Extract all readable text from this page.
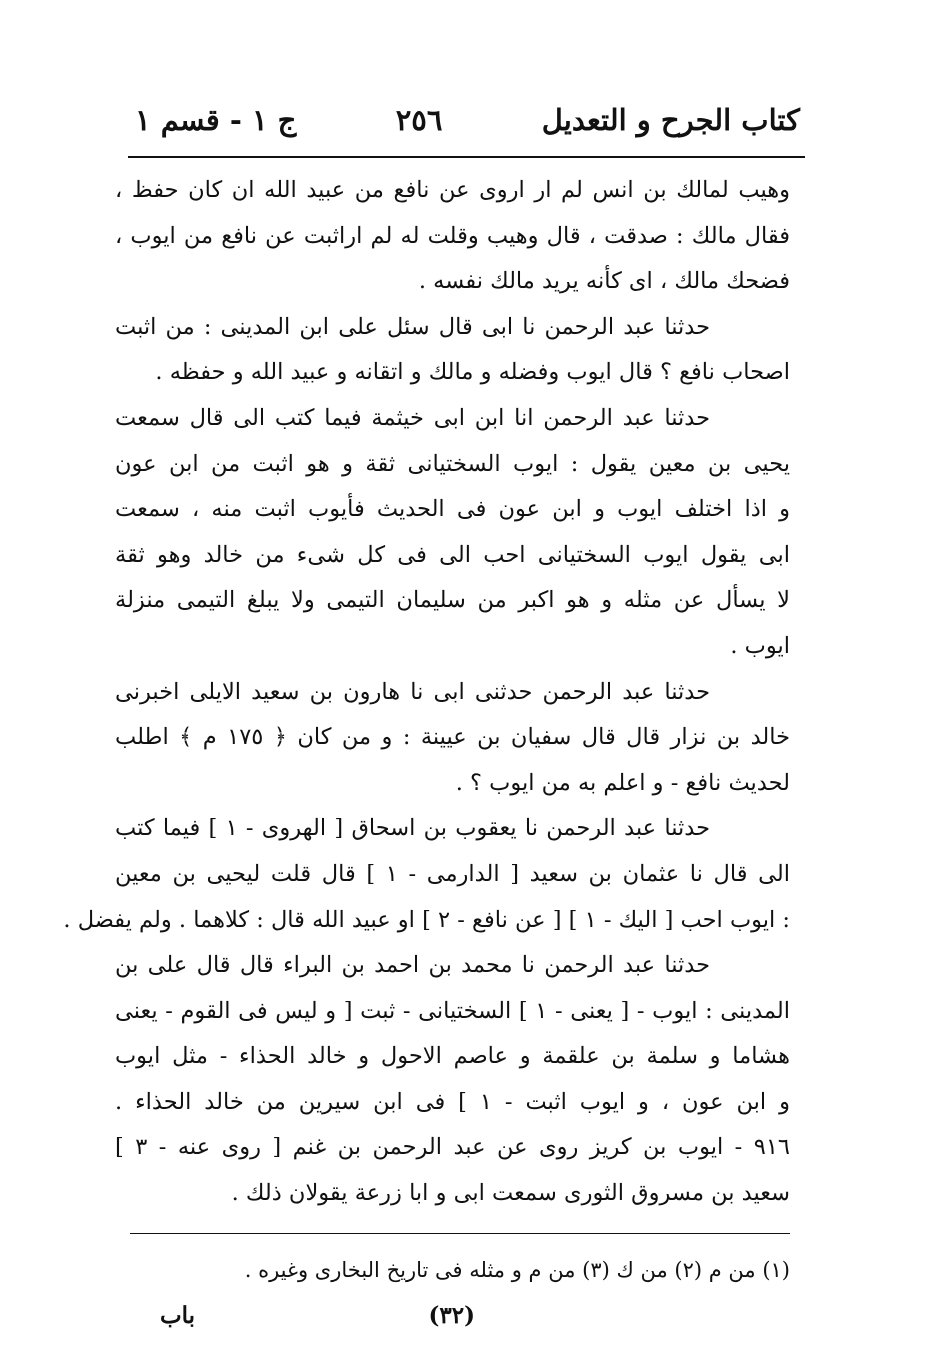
كتاب الجرح و التعديل
٢٥٦
ج ١ - قسم ١
وهيب لمالك بن انس لم ار اروى عن نافع من عبيد الله ان كان حفظ ،
فقال مالك : صدقت ، قال وهيب وقلت له لم اراثبت عن نافع من ايوب ،
فضحك مالك ، اى كأنه يريد مالك نفسه .
حدثنا عبد الرحمن نا ابى قال سئل على ابن المدينى : من اثبت
اصحاب نافع ؟ قال ايوب وفضله و مالك و اتقانه و عبيد الله و حفظه .
حدثنا عبد الرحمن انا ابن ابى خيثمة فيما كتب الى قال سمعت
يحيى بن معين يقول : ايوب السختيانى ثقة و هو اثبت من ابن عون
و اذا اختلف ايوب و ابن عون فى الحديث فأيوب اثبت منه ، سمعت
ابى يقول ايوب السختيانى احب الى فى كل شىء من خالد وهو ثقة
لا يسأل عن مثله و هو اكبر من سليمان التيمى ولا يبلغ التيمى منزلة
ايوب .
حدثنا عبد الرحمن حدثنى ابى نا هارون بن سعيد الايلى اخبرنى
خالد بن نزار قال قال سفيان بن عيينة : و من كان ﴿ ١٧٥ م ﴾ اطلب
لحديث نافع - و اعلم به من ايوب ؟ .
حدثنا عبد الرحمن نا يعقوب بن اسحاق [ الهروى - ١ ] فيما كتب
الى قال نا عثمان بن سعيد [ الدارمى - ١ ] قال قلت ليحيى بن معين
: ايوب احب [ اليك - ١ ] [ عن نافع - ٢ ] او عبيد الله قال : كلاهما . ولم يفضل .
حدثنا عبد الرحمن نا محمد بن احمد بن البراء قال قال على بن
المدينى : ايوب - [ يعنى - ١ ] السختيانى - ثبت [ و ليس فى القوم - يعنى
هشاما و سلمة بن علقمة و عاصم الاحول و خالد الحذاء - مثل ايوب
و ابن عون ، و ايوب اثبت - ١ ] فى ابن سيرين من خالد الحذاء .
٩١٦ - ايوب بن كريز روى عن عبد الرحمن بن غنم [ روى عنه - ٣ ]
سعيد بن مسروق الثورى سمعت ابى و ابا زرعة يقولان ذلك .
(١) من م (٢) من ك (٣) من م و مثله فى تاريخ البخارى وغيره .
باب	(٣٢)
